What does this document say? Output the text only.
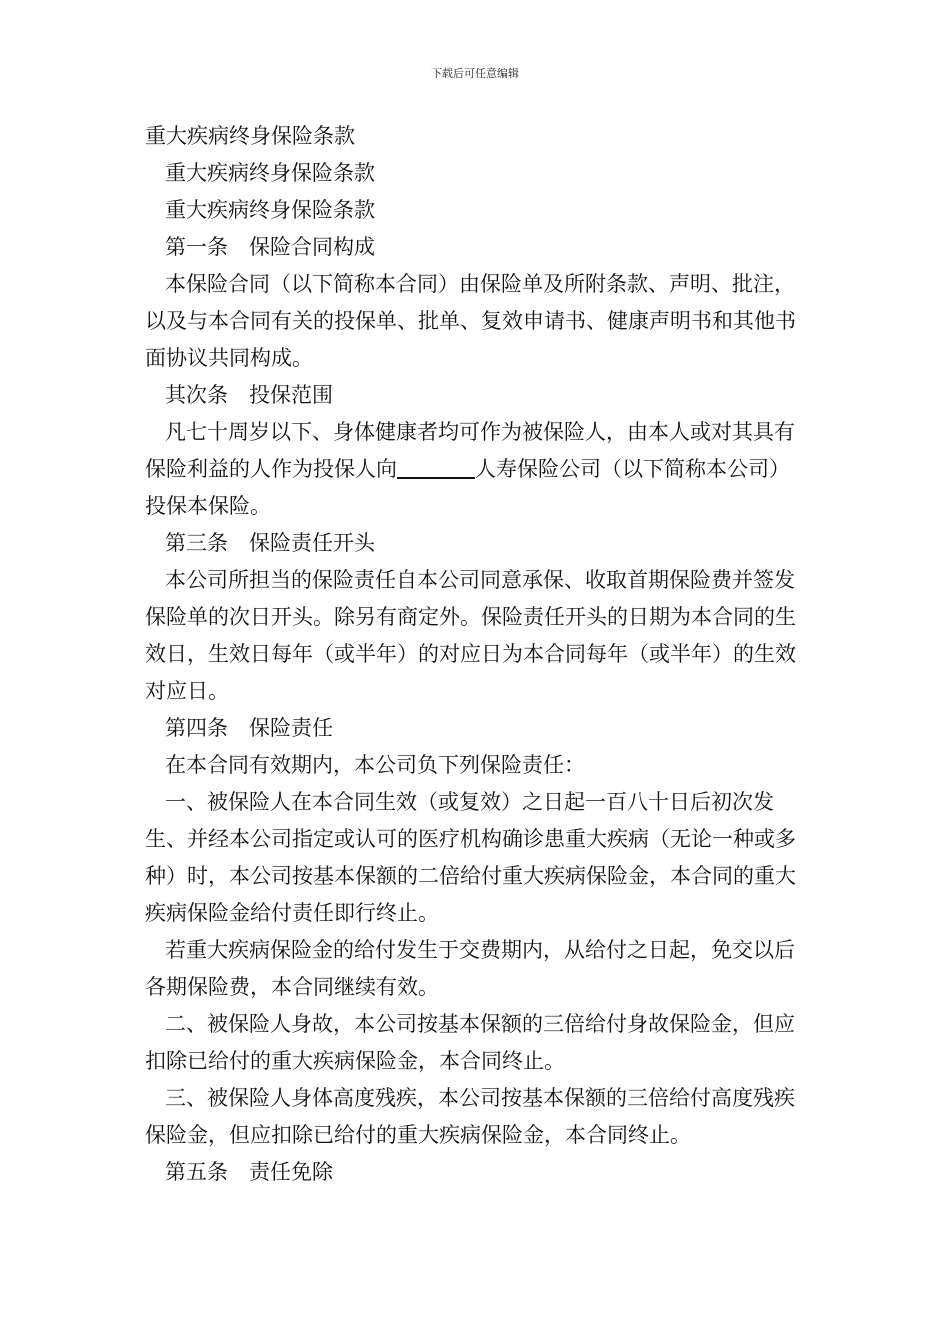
下载后可任意编辑
重大疾病终身保险条款
重大疾病终身保险条款
重大疾病终身保险条款
第一条　保险合同构成
本保险合同（以下简称本合同）由保险单及所附条款、声明、批注，以及与本合同有关的投保单、批单、复效申请书、健康声明书和其他书面协议共同构成。
其次条　投保范围
凡七十周岁以下、身体健康者均可作为被保险人，由本人或对其具有保险利益的人作为投保人向	人寿保险公司（以下简称本公司）投保本保险。
第三条　保险责任开头
本公司所担当的保险责任自本公司同意承保、收取首期保险费并签发保险单的次日开头。除另有商定外。保险责任开头的日期为本合同的生效日，生效日每年（或半年）的对应日为本合同每年（或半年）的生效对应日。
第四条　保险责任
在本合同有效期内，本公司负下列保险责任：
一、被保险人在本合同生效（或复效）之日起一百八十日后初次发生、并经本公司指定或认可的医疗机构确诊患重大疾病（无论一种或多种）时，本公司按基本保额的二倍给付重大疾病保险金，本合同的重大疾病保险金给付责任即行终止。
若重大疾病保险金的给付发生于交费期内，从给付之日起，免交以后各期保险费，本合同继续有效。
二、被保险人身故，本公司按基本保额的三倍给付身故保险金，但应扣除已给付的重大疾病保险金，本合同终止。
三、被保险人身体高度残疾，本公司按基本保额的三倍给付高度残疾保险金，但应扣除已给付的重大疾病保险金，本合同终止。
第五条　责任免除
